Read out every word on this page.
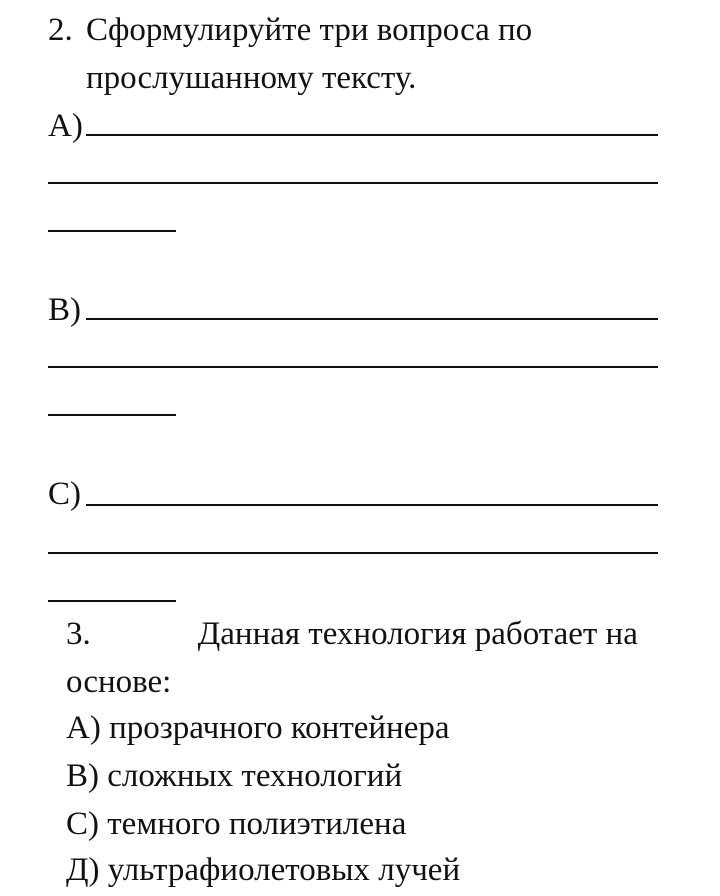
2. Сформулируйте три вопроса по
прослушанному тексту.
А)
В)
С)
3.	Данная технология работает на
основе:
А) прозрачного контейнера
В) сложных технологий
С) темного полиэтилена
Д) ультрафиолетовых лучей
